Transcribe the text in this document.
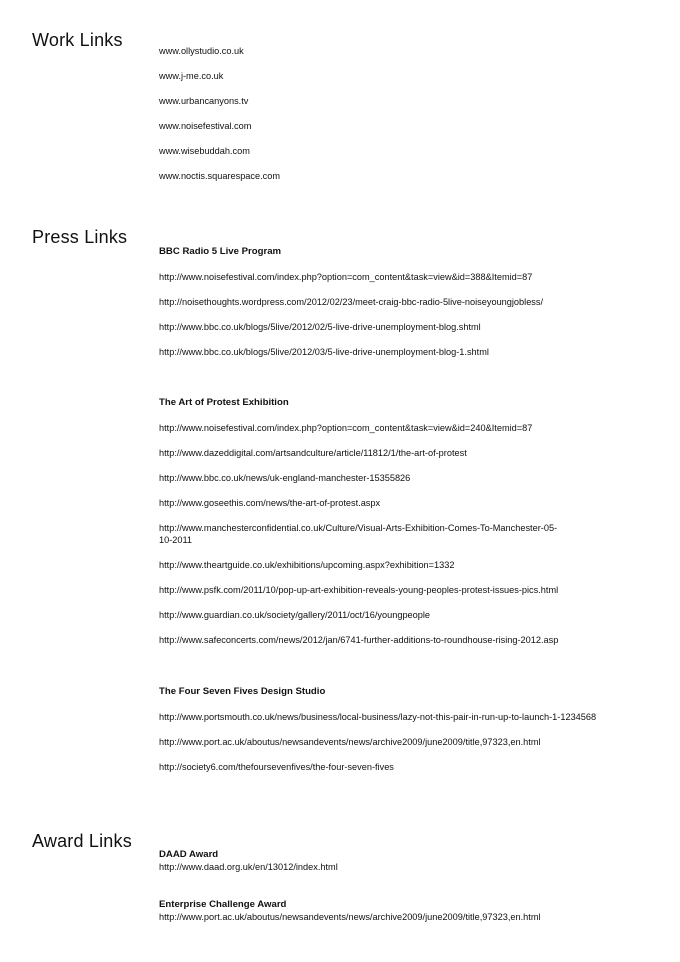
Work Links
www.ollystudio.co.uk
www.j-me.co.uk
www.urbancanyons.tv
www.noisefestival.com
www.wisebuddah.com
www.noctis.squarespace.com
Press Links
BBC Radio 5 Live Program
http://www.noisefestival.com/index.php?option=com_content&task=view&id=388&Itemid=87
http://noisethoughts.wordpress.com/2012/02/23/meet-craig-bbc-radio-5live-noiseyoungjobless/
http://www.bbc.co.uk/blogs/5live/2012/02/5-live-drive-unemployment-blog.shtml
http://www.bbc.co.uk/blogs/5live/2012/03/5-live-drive-unemployment-blog-1.shtml
The Art of Protest Exhibition
http://www.noisefestival.com/index.php?option=com_content&task=view&id=240&Itemid=87
http://www.dazeddigital.com/artsandculture/article/11812/1/the-art-of-protest
http://www.bbc.co.uk/news/uk-england-manchester-15355826
http://www.goseethis.com/news/the-art-of-protest.aspx
http://www.manchesterconfidential.co.uk/Culture/Visual-Arts-Exhibition-Comes-To-Manchester-05-10-2011
http://www.theartguide.co.uk/exhibitions/upcoming.aspx?exhibition=1332
http://www.psfk.com/2011/10/pop-up-art-exhibition-reveals-young-peoples-protest-issues-pics.html
http://www.guardian.co.uk/society/gallery/2011/oct/16/youngpeople
http://www.safeconcerts.com/news/2012/jan/6741-further-additions-to-roundhouse-rising-2012.asp
The Four Seven Fives Design Studio
http://www.portsmouth.co.uk/news/business/local-business/lazy-not-this-pair-in-run-up-to-launch-1-1234568
http://www.port.ac.uk/aboutus/newsandevents/news/archive2009/june2009/title,97323,en.html
http://society6.com/thefoursevenfives/the-four-seven-fives
Award Links
DAAD Award
http://www.daad.org.uk/en/13012/index.html
Enterprise Challenge Award
http://www.port.ac.uk/aboutus/newsandevents/news/archive2009/june2009/title,97323,en.html
